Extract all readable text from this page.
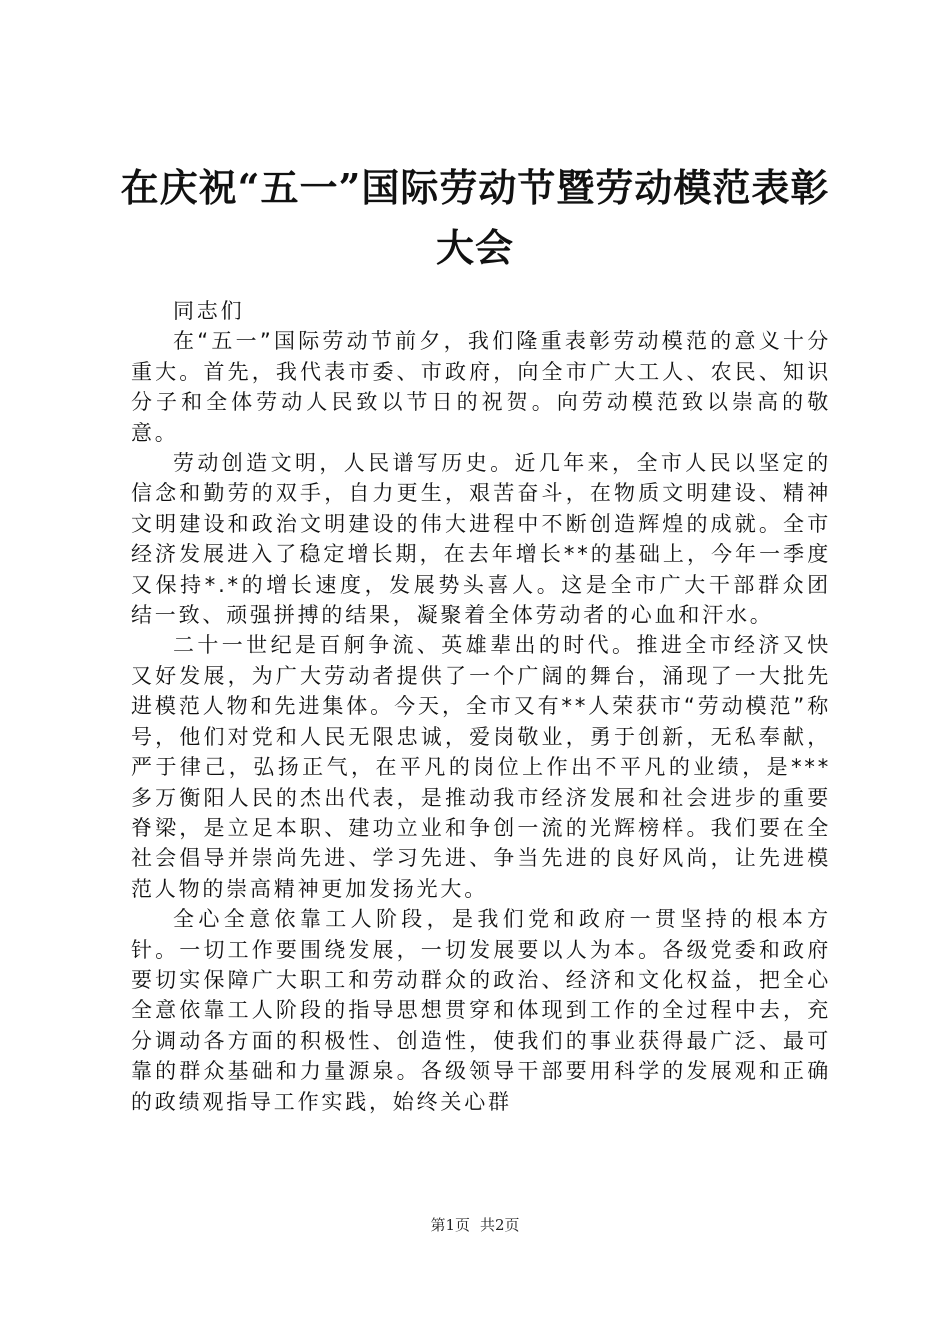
在庆祝“五一”国际劳动节暨劳动模范表彰大会

同志们

在“五一”国际劳动节前夕，我们隆重表彰劳动模范的意义十分重大。首先，我代表市委、市政府，向全市广大工人、农民、知识分子和全体劳动人民致以节日的祝贺。向劳动模范致以崇高的敬意。

劳动创造文明，人民谱写历史。近几年来，全市人民以坚定的信念和勤劳的双手，自力更生，艰苦奋斗，在物质文明建设、精神文明建设和政治文明建设的伟大进程中不断创造辉煌的成就。全市经济发展进入了稳定增长期，在去年增长**的基础上，今年一季度又保持*.*的增长速度，发展势头喜人。这是全市广大干部群众团结一致、顽强拼搏的结果，凝聚着全体劳动者的心血和汗水。

二十一世纪是百舸争流、英雄辈出的时代。推进全市经济又快又好发展，为广大劳动者提供了一个广阔的舞台，涌现了一大批先进模范人物和先进集体。今天，全市又有**人荣获市“劳动模范”称号，他们对党和人民无限忠诚，爱岗敬业，勇于创新，无私奉献，严于律己，弘扬正气，在平凡的岗位上作出不平凡的业绩，是***多万衡阳人民的杰出代表，是推动我市经济发展和社会进步的重要脊梁，是立足本职、建功立业和争创一流的光辉榜样。我们要在全社会倡导并崇尚先进、学习先进、争当先进的良好风尚，让先进模范人物的崇高精神更加发扬光大。

全心全意依靠工人阶段，是我们党和政府一贯坚持的根本方针。一切工作要围绕发展，一切发展要以人为本。各级党委和政府要切实保障广大职工和劳动群众的政治、经济和文化权益，把全心全意依靠工人阶段的指导思想贯穿和体现到工作的全过程中去，充分调动各方面的积极性、创造性，使我们的事业获得最广泛、最可靠的群众基础和力量源泉。各级领导干部要用科学的发展观和正确的政绩观指导工作实践，始终关心群

第1页 共2页
